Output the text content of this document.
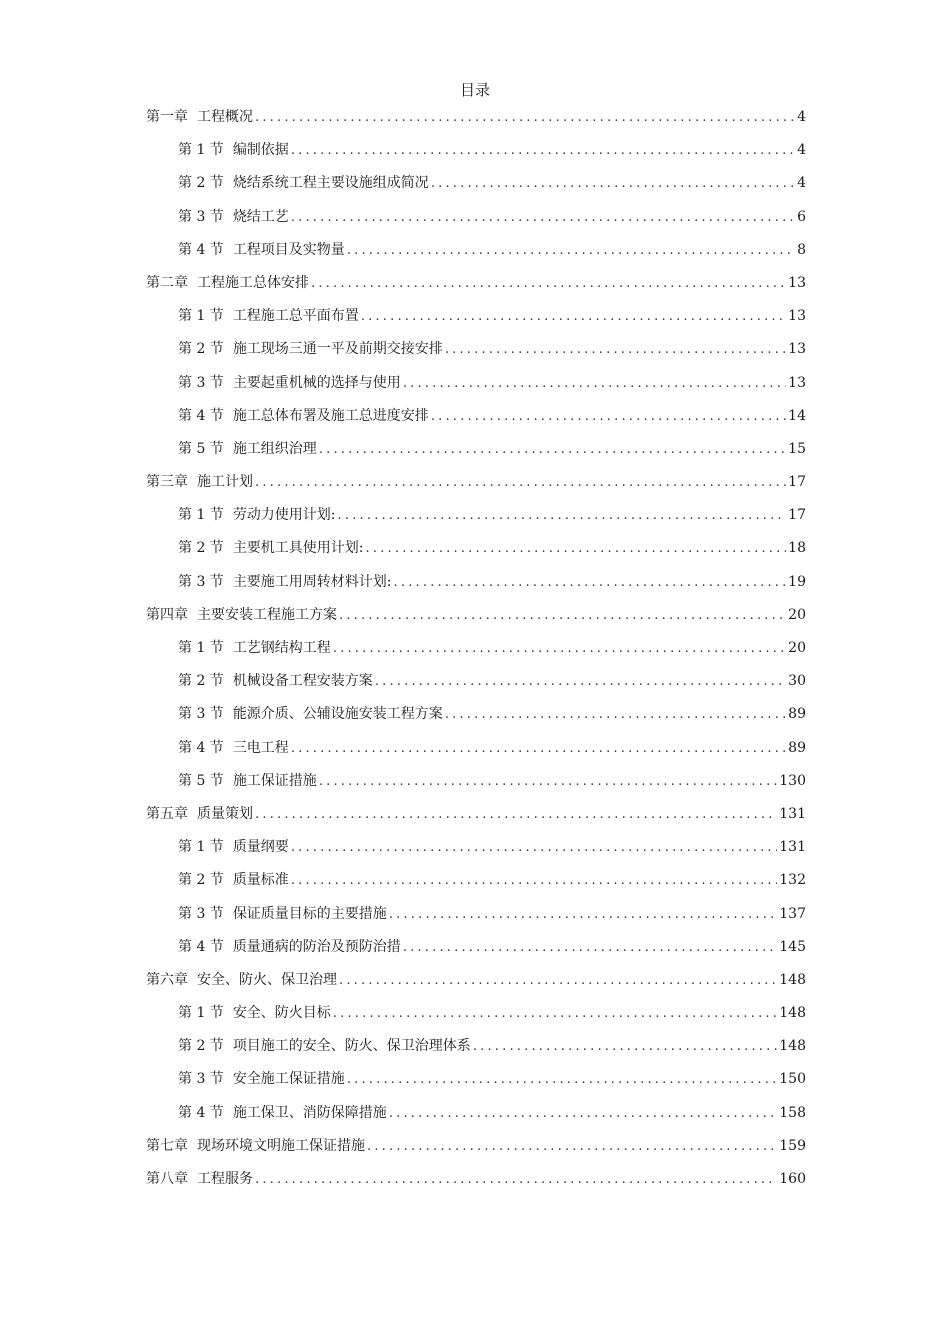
目录
第一章 工程概况 .....	4
第 1 节 编制依据 .....	4
第 2 节 烧结系统工程主要设施组成简况 .....	4
第 3 节 烧结工艺 .....	6
第 4 节 工程项目及实物量 .....	8
第二章 工程施工总体安排 .....	13
第 1 节 工程施工总平面布置 .....	13
第 2 节 施工现场三通一平及前期交接安排 .....	13
第 3 节 主要起重机械的选择与使用 .....	13
第 4 节 施工总体布署及施工总进度安排 .....	14
第 5 节 施工组织治理 .....	15
第三章 施工计划 .....	17
第 1 节 劳动力使用计划: .....	17
第 2 节 主要机工具使用计划: .....	18
第 3 节 主要施工用周转材料计划: .....	19
第四章 主要安装工程施工方案 .....	20
第 1 节 工艺钢结构工程 .....	20
第 2 节 机械设备工程安装方案 .....	30
第 3 节 能源介质、公辅设施安装工程方案 .....	89
第 4 节 三电工程 .....	89
第 5 节 施工保证措施 .....	130
第五章 质量策划 .....	131
第 1 节 质量纲要 .....	131
第 2 节 质量标准 .....	132
第 3 节 保证质量目标的主要措施 .....	137
第 4 节 质量通病的防治及预防治措 .....	145
第六章 安全、防火、保卫治理 .....	148
第 1 节 安全、防火目标 .....	148
第 2 节 项目施工的安全、防火、保卫治理体系 .....	148
第 3 节 安全施工保证措施 .....	150
第 4 节 施工保卫、消防保障措施 .....	158
第七章 现场环境文明施工保证措施 .....	159
第八章 工程服务 .....	160
